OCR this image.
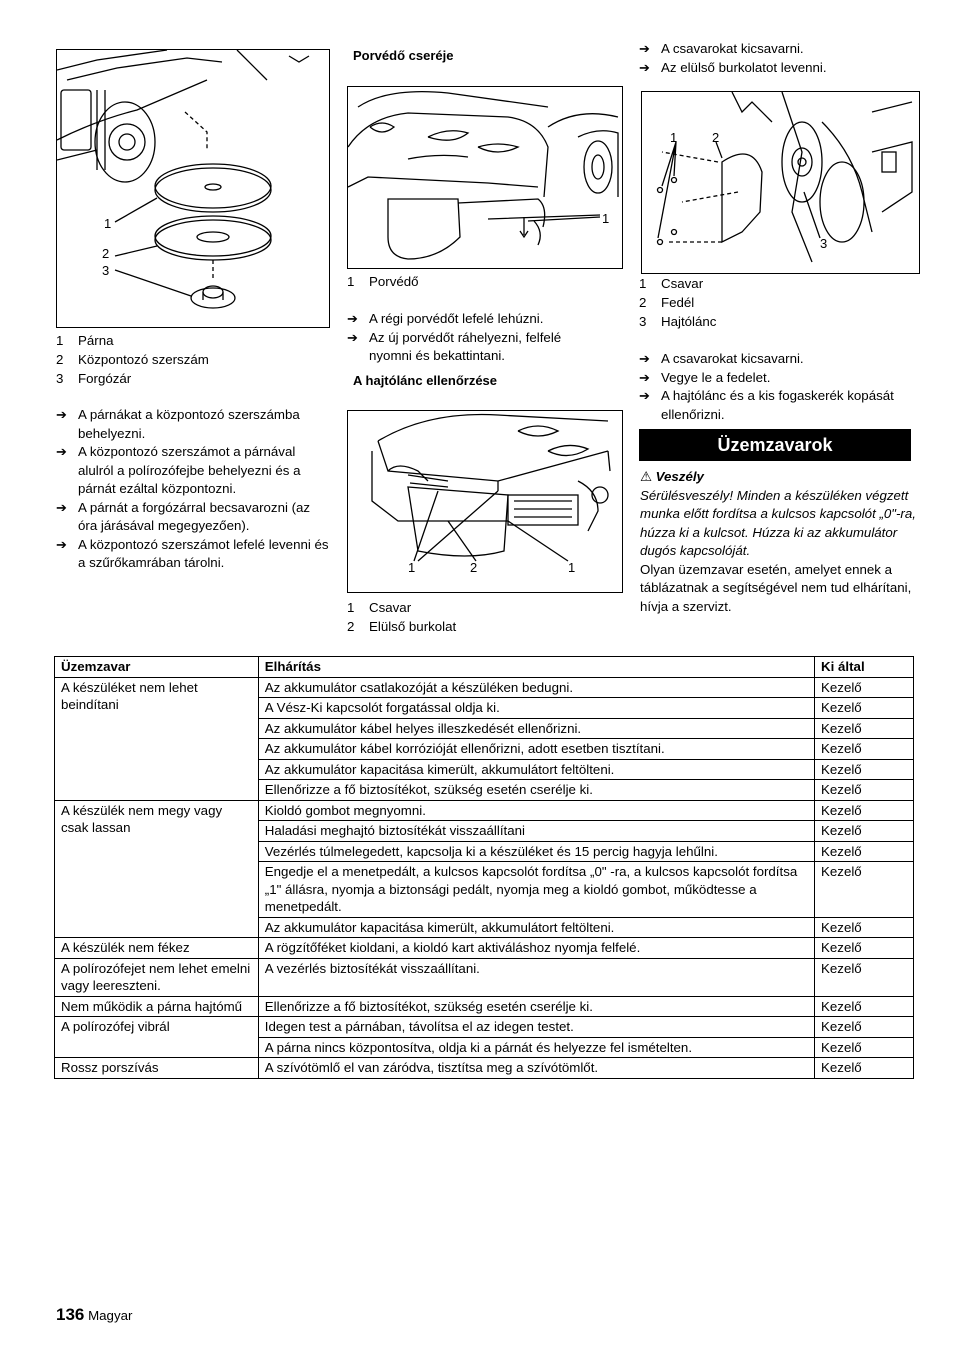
1
2
3
1	Párna
2	Központozó szerszám
3	Forgózár
➔ A párnákat a központozó szerszámba behelyezni.
➔ A központozó szerszámot a párnával alulról a polírozófejbe behelyezni és a párnát ezáltal központozni.
➔ A párnát a forgózárral becsavarozni (az óra járásával megegyezően).
➔ A központozó szerszámot lefelé levenni és a szűrőkamrában tárolni.
Porvédő cseréje
1
1	Porvédő
➔ A régi porvédőt lefelé lehúzni.
➔ Az új porvédőt ráhelyezni, felfelé nyomni és bekattintani.
A hajtólánc ellenőrzése
1	2	1
1	Csavar
2	Elülső burkolat
➔ A csavarokat kicsavarni.
➔ Az elülső burkolatot levenni.
1	2
3
1	Csavar
2	Fedél
3	Hajtólánc
➔ A csavarokat kicsavarni.
➔ Vegye le a fedelet.
➔ A hajtólánc és a kis fogaskerék kopását ellenőrizni.
Üzemzavarok
⚠ Veszély
Sérülésveszély! Minden a készüléken végzett munka előtt fordítsa a kulcsos kapcsolót „0"-ra, húzza ki a kulcsot. Húzza ki az akkumulátor dugós kapcsolóját.
Olyan üzemzavar esetén, amelyet ennek a táblázatnak a segítségével nem tud elhárítani, hívja a szervizt.
Üzemzavar	Elhárítás	Ki által
A készüléket nem lehet beindítani	Az akkumulátor csatlakozóját a készüléken bedugni.	Kezelő
	A Vész-Ki kapcsolót forgatással oldja ki.	Kezelő
	Az akkumulátor kábel helyes illeszkedését ellenőrizni.	Kezelő
	Az akkumulátor kábel korrózióját ellenőrizni, adott esetben tisztítani.	Kezelő
	Az akkumulátor kapacitása kimerült, akkumulátort feltölteni.	Kezelő
	Ellenőrizze a fő biztosítékot, szükség esetén cserélje ki.	Kezelő
A készülék nem megy vagy csak lassan	Kioldó gombot megnyomni.	Kezelő
	Haladási meghajtó biztosítékát visszaállítani	Kezelő
	Vezérlés túlmelegedett, kapcsolja ki a készüléket és 15 percig hagyja lehűlni.	Kezelő
	Engedje el a menetpedált, a kulcsos kapcsolót fordítsa „0" -ra, a kulcsos kapcsolót fordítsa „1" állásra, nyomja a biztonsági pedált, nyomja meg a kioldó gombot, működtesse a menetpedált.	Kezelő
	Az akkumulátor kapacitása kimerült, akkumulátort feltölteni.	Kezelő
A készülék nem fékez	A rögzítőféket kioldani, a kioldó kart aktiváláshoz nyomja felfelé.	Kezelő
A polírozófejet nem lehet emelni vagy leereszteni.	A vezérlés biztosítékát visszaállítani.	Kezelő
Nem működik a párna hajtómű	Ellenőrizze a fő biztosítékot, szükség esetén cserélje ki.	Kezelő
A polírozófej vibrál	Idegen test a párnában, távolítsa el az idegen testet.	Kezelő
	A párna nincs központosítva, oldja ki a párnát és helyezze fel ismételten.	Kezelő
Rossz porszívás	A szívótömlő el van záródva, tisztítsa meg a szívótömlőt.	Kezelő
136 Magyar
